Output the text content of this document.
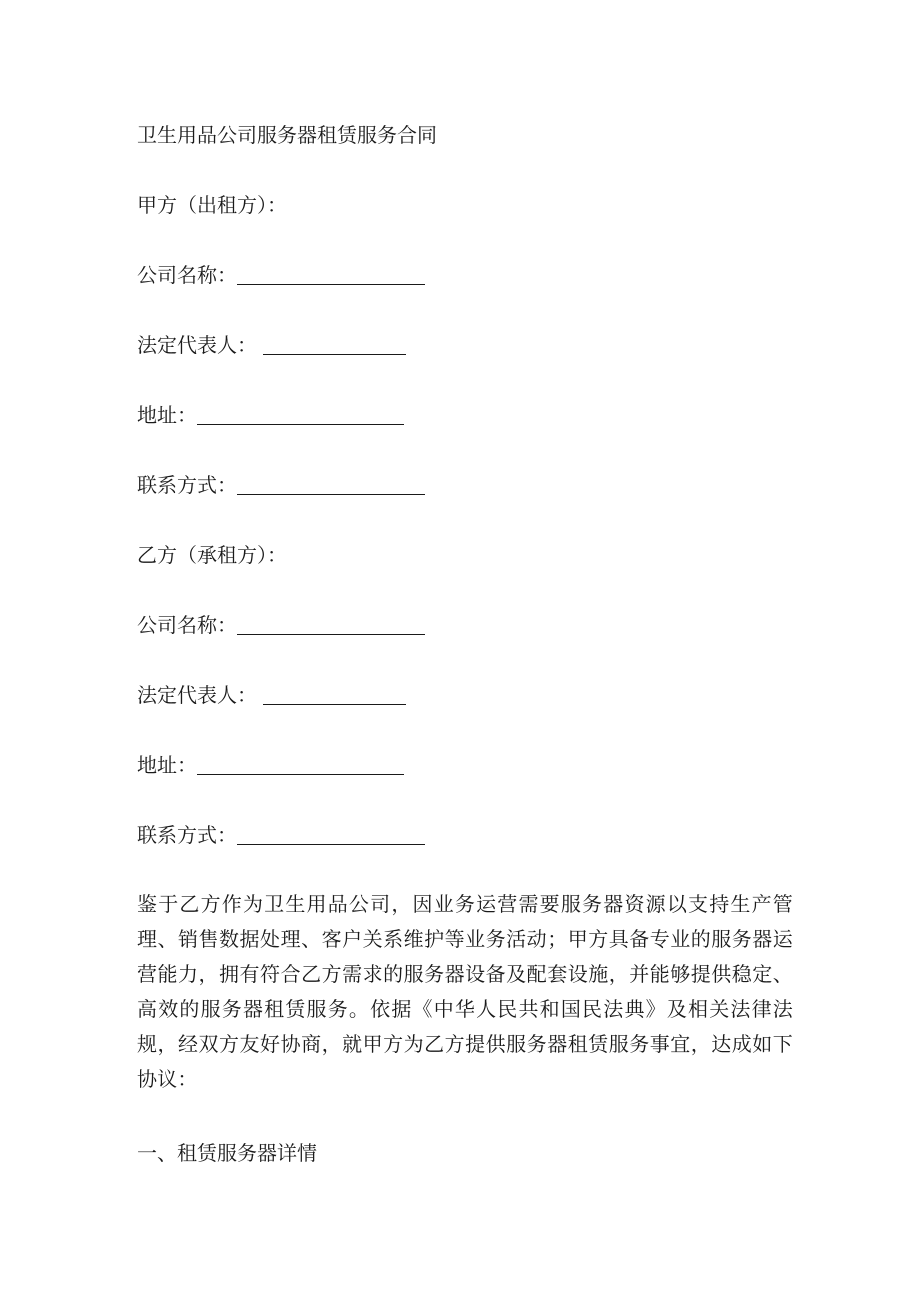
卫生用品公司服务器租赁服务合同
甲方（出租方）：
公司名称：
法定代表人：
地址：
联系方式：
乙方（承租方）：
公司名称：
法定代表人：
地址：
联系方式：
鉴于乙方作为卫生用品公司，因业务运营需要服务器资源以支持生产管理、销售数据处理、客户关系维护等业务活动；甲方具备专业的服务器运营能力，拥有符合乙方需求的服务器设备及配套设施，并能够提供稳定、高效的服务器租赁服务。依据《中华人民共和国民法典》及相关法律法规，经双方友好协商，就甲方为乙方提供服务器租赁服务事宜，达成如下协议：
一、租赁服务器详情
